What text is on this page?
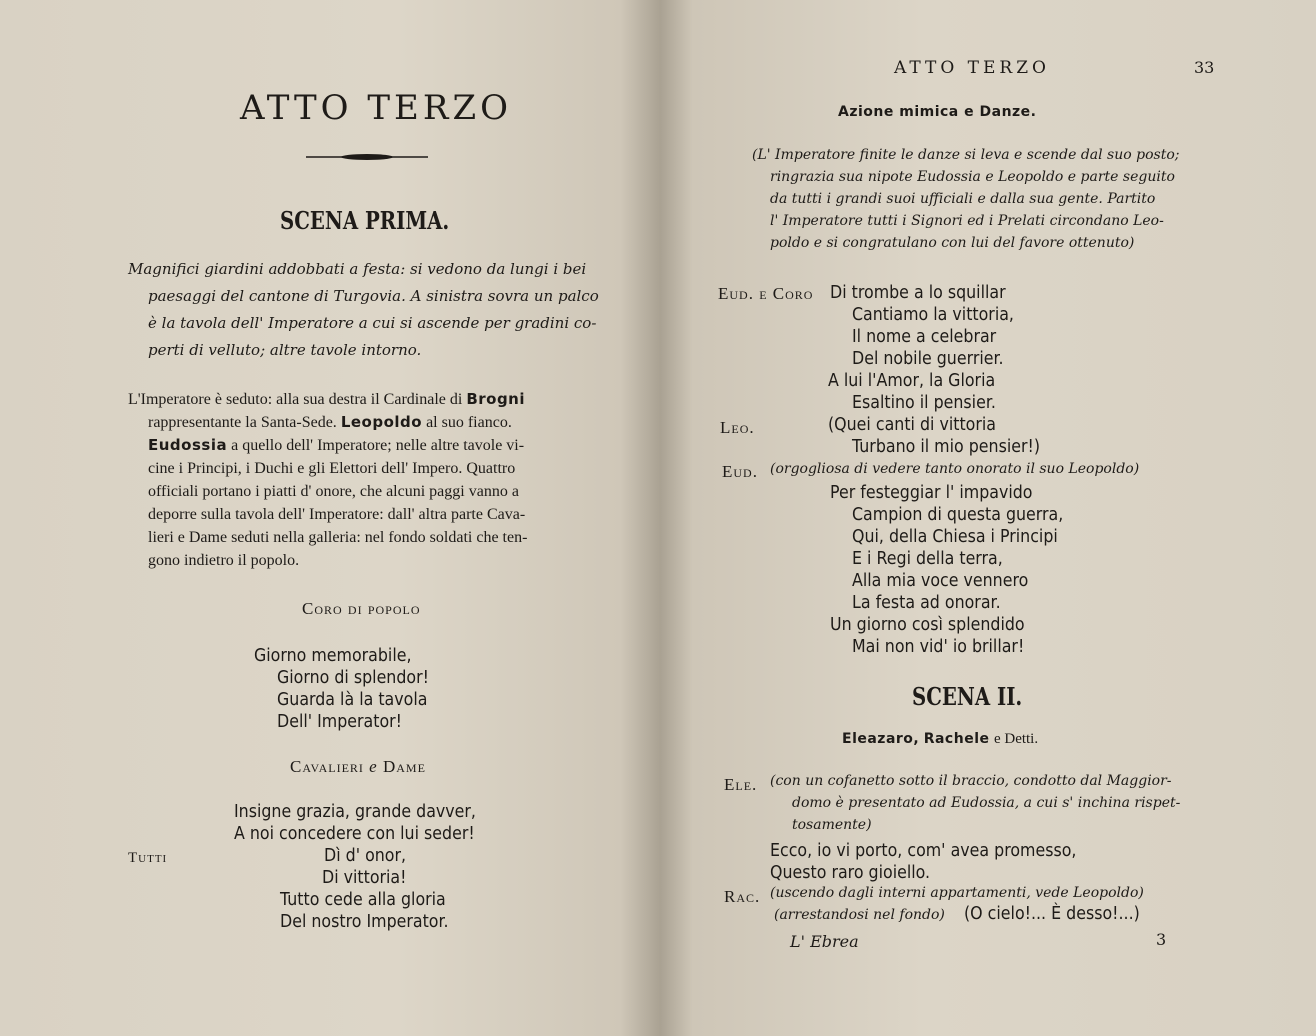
ATTO TERZO
SCENA PRIMA.
Magnifici giardini addobbati a festa: si vedono da lungi i bei
paesaggi del cantone di Turgovia. A sinistra sovra un palco
è la tavola dell' Imperatore a cui si ascende per gradini co-
perti di velluto; altre tavole intorno.
L'Imperatore è seduto: alla sua destra il Cardinale di Brogni
rappresentante la Santa-Sede. Leopoldo al suo fianco.
Eudossia a quello dell' Imperatore; nelle altre tavole vi-
cine i Principi, i Duchi e gli Elettori dell' Impero. Quattro
officiali portano i piatti d' onore, che alcuni paggi vanno a
deporre sulla tavola dell' Imperatore: dall' altra parte Cava-
lieri e Dame seduti nella galleria: nel fondo soldati che ten-
gono indietro il popolo.
Coro di popolo
Giorno memorabile,
Giorno di splendor!
Guarda là la tavola
Dell' Imperator!
Cavalieri e Dame
Insigne grazia, grande davver,
A noi concedere con lui seder!
Tutti	Dì d' onor,
Di vittoria!
Tutto cede alla gloria
Del nostro Imperator.
ATTO TERZO	33
Azione mimica e Danze.
(L' Imperatore finite le danze si leva e scende dal suo posto;
ringrazia sua nipote Eudossia e Leopoldo e parte seguito
da tutti i grandi suoi ufficiali e dalla sua gente. Partito
l' Imperatore tutti i Signori ed i Prelati circondano Leo-
poldo e si congratulano con lui del favore ottenuto)
Eud. e Coro Di trombe a lo squillar
Cantiamo la vittoria,
Il nome a celebrar
Del nobile guerrier.
A lui l'Amor, la Gloria
Esaltino il pensier.
Leo.	(Quei canti di vittoria
Turbano il mio pensier!)
Eud. (orgogliosa di vedere tanto onorato il suo Leopoldo)
Per festeggiar l' impavido
Campion di questa guerra,
Qui, della Chiesa i Principi
E i Regi della terra,
Alla mia voce vennero
La festa ad onorar.
Un giorno così splendido
Mai non vid' io brillar!
SCENA II.
Eleazaro, Rachele e Detti.
Ele. (con un cofanetto sotto il braccio, condotto dal Maggior-
domo è presentato ad Eudossia, a cui s' inchina rispet-
tosamente)
Ecco, io vi porto, com' avea promesso,
Questo raro gioiello.
Rac. (uscendo dagli interni appartamenti, vede Leopoldo)
(arrestandosi nel fondo) (O cielo!... È desso!...)
L' Ebrea	3
